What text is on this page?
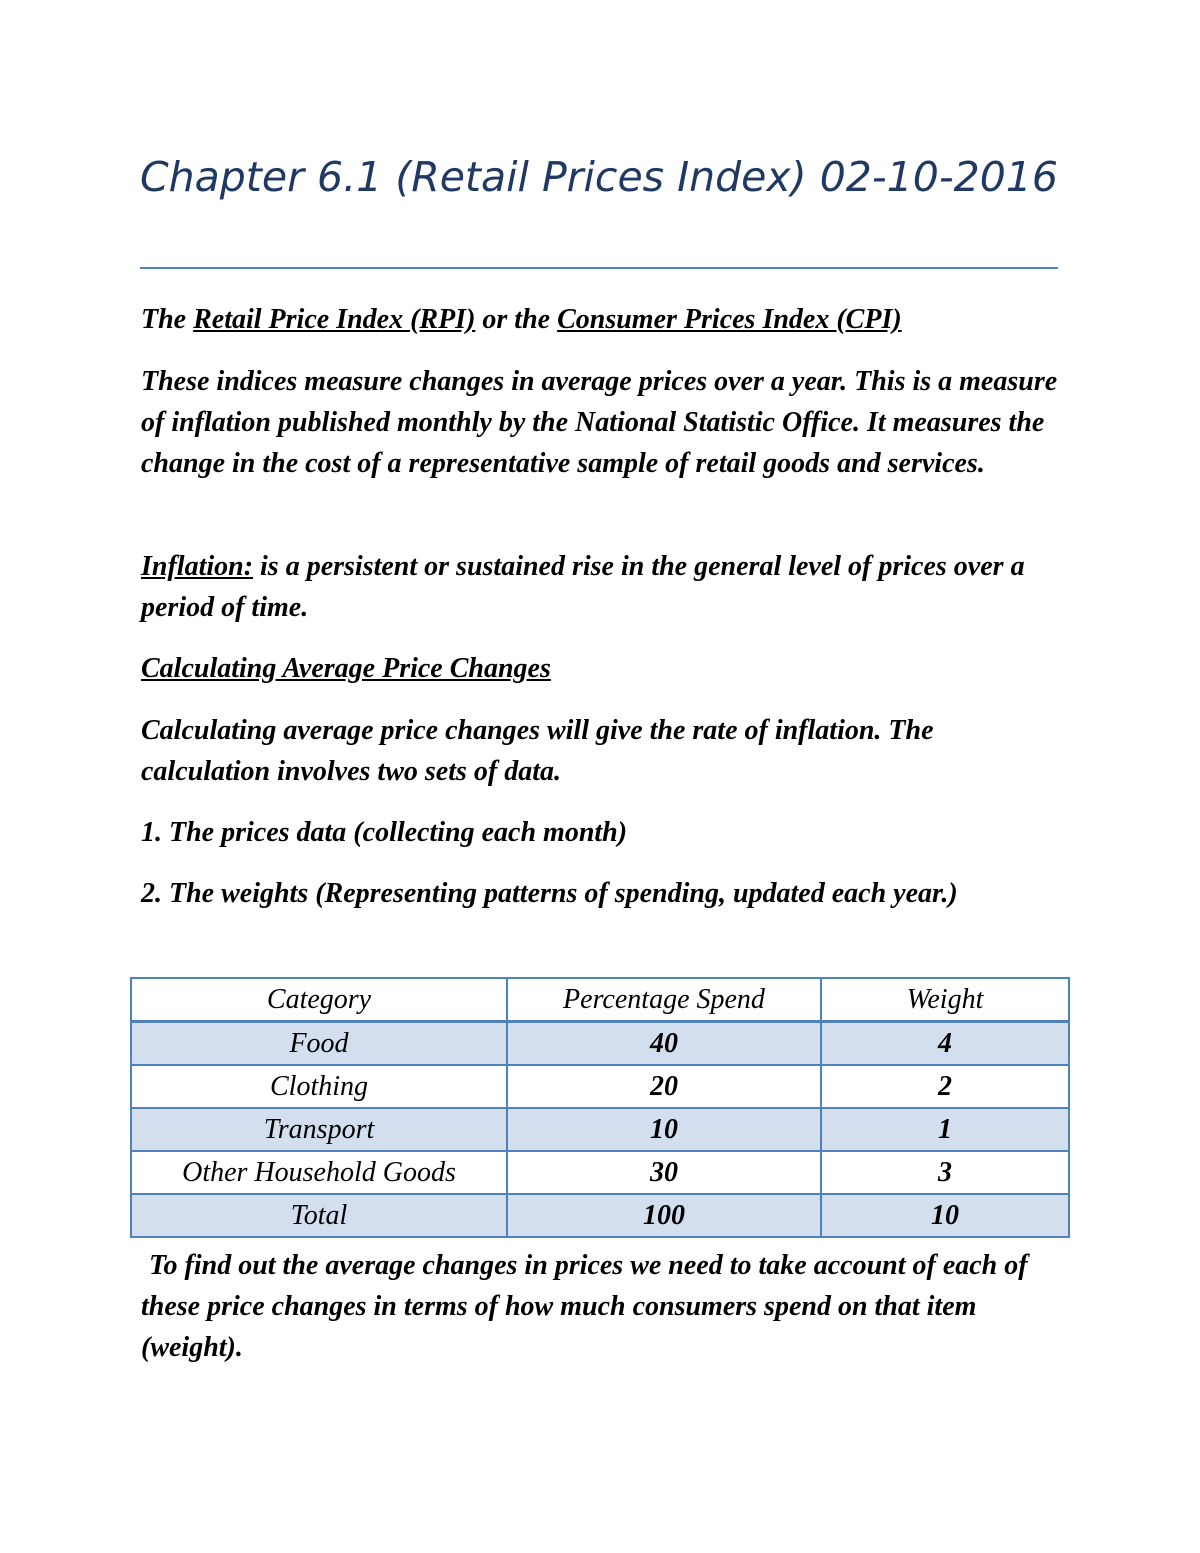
Chapter 6.1 (Retail Prices Index) 02-10-2016
The Retail Price Index (RPI) or the Consumer Prices Index (CPI)
These indices measure changes in average prices over a year. This is a measure of inflation published monthly by the National Statistic Office. It measures the change in the cost of a representative sample of retail goods and services.
Inflation: is a persistent or sustained rise in the general level of prices over a period of time.
Calculating Average Price Changes
Calculating average price changes will give the rate of inflation. The calculation involves two sets of data.
1. The prices data (collecting each month)
2. The weights (Representing patterns of spending, updated each year.)
Category	Percentage Spend	Weight
Food	40	4
Clothing	20	2
Transport	10	1
Other Household Goods	30	3
Total	100	10
To find out the average changes in prices we need to take account of each of these price changes in terms of how much consumers spend on that item (weight).
